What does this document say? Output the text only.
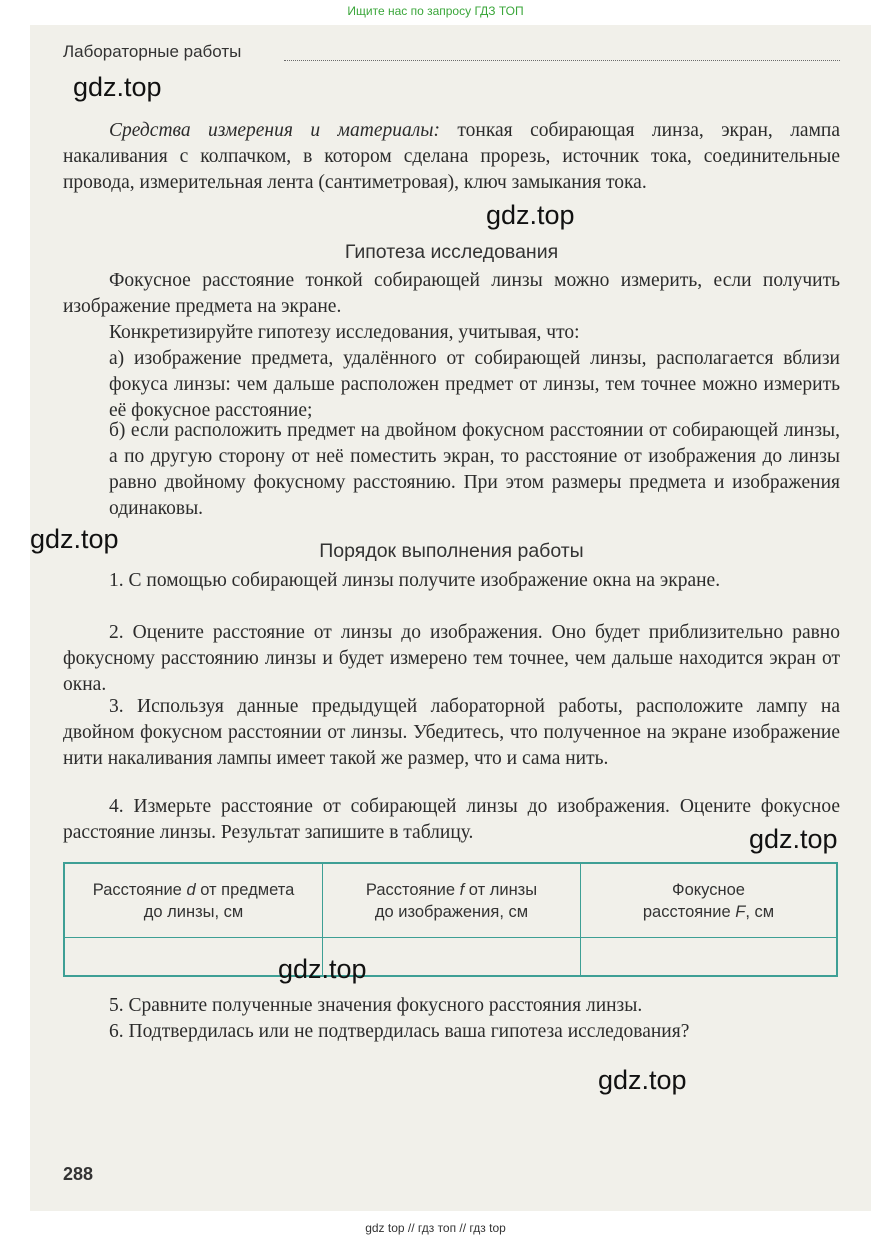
Ищите нас по запросу ГДЗ ТОП
Лабораторные работы
gdz.top

Средства измерения и материалы: тонкая собирающая линза, экран, лампа накаливания с колпачком, в котором сделана прорезь, источник тока, соединительные провода, измерительная лента (сантиметровая), ключ замыкания тока.

gdz.top
Гипотеза исследования

Фокусное расстояние тонкой собирающей линзы можно измерить, если получить изображение предмета на экране.

Конкретизируйте гипотезу исследования, учитывая, что:

а) изображение предмета, удалённого от собирающей линзы, располагается вблизи фокуса линзы: чем дальше расположен предмет от линзы, тем точнее можно измерить её фокусное расстояние;

б) если расположить предмет на двойном фокусном расстоянии от собирающей линзы, а по другую сторону от неё поместить экран, то расстояние от изображения до линзы равно двойному фокусному расстоянию. При этом размеры предмета и изображения одинаковы.

gdz.top	Порядок выполнения работы

1. С помощью собирающей линзы получите изображение окна на экране.

2. Оцените расстояние от линзы до изображения. Оно будет приблизительно равно фокусному расстоянию линзы и будет измерено тем точнее, чем дальше находится экран от окна.

3. Используя данные предыдущей лабораторной работы, расположите лампу на двойном фокусном расстоянии от линзы. Убедитесь, что полученное на экране изображение нити накаливания лампы имеет такой же размер, что и сама нить.

4. Измерьте расстояние от собирающей линзы до изображения. Оцените фокусное расстояние линзы. Результат запишите в таблицу.	gdz.top
Расстояние d от предмета
до линзы, см
Расстояние f от линзы
до изображения, см
Фокусное
расстояние F, см
gdz.top

5. Сравните полученные значения фокусного расстояния линзы.

6. Подтвердилась или не подтвердилась ваша гипотеза исследования?

gdz.top
288
gdz top // гдз топ // гдз top
